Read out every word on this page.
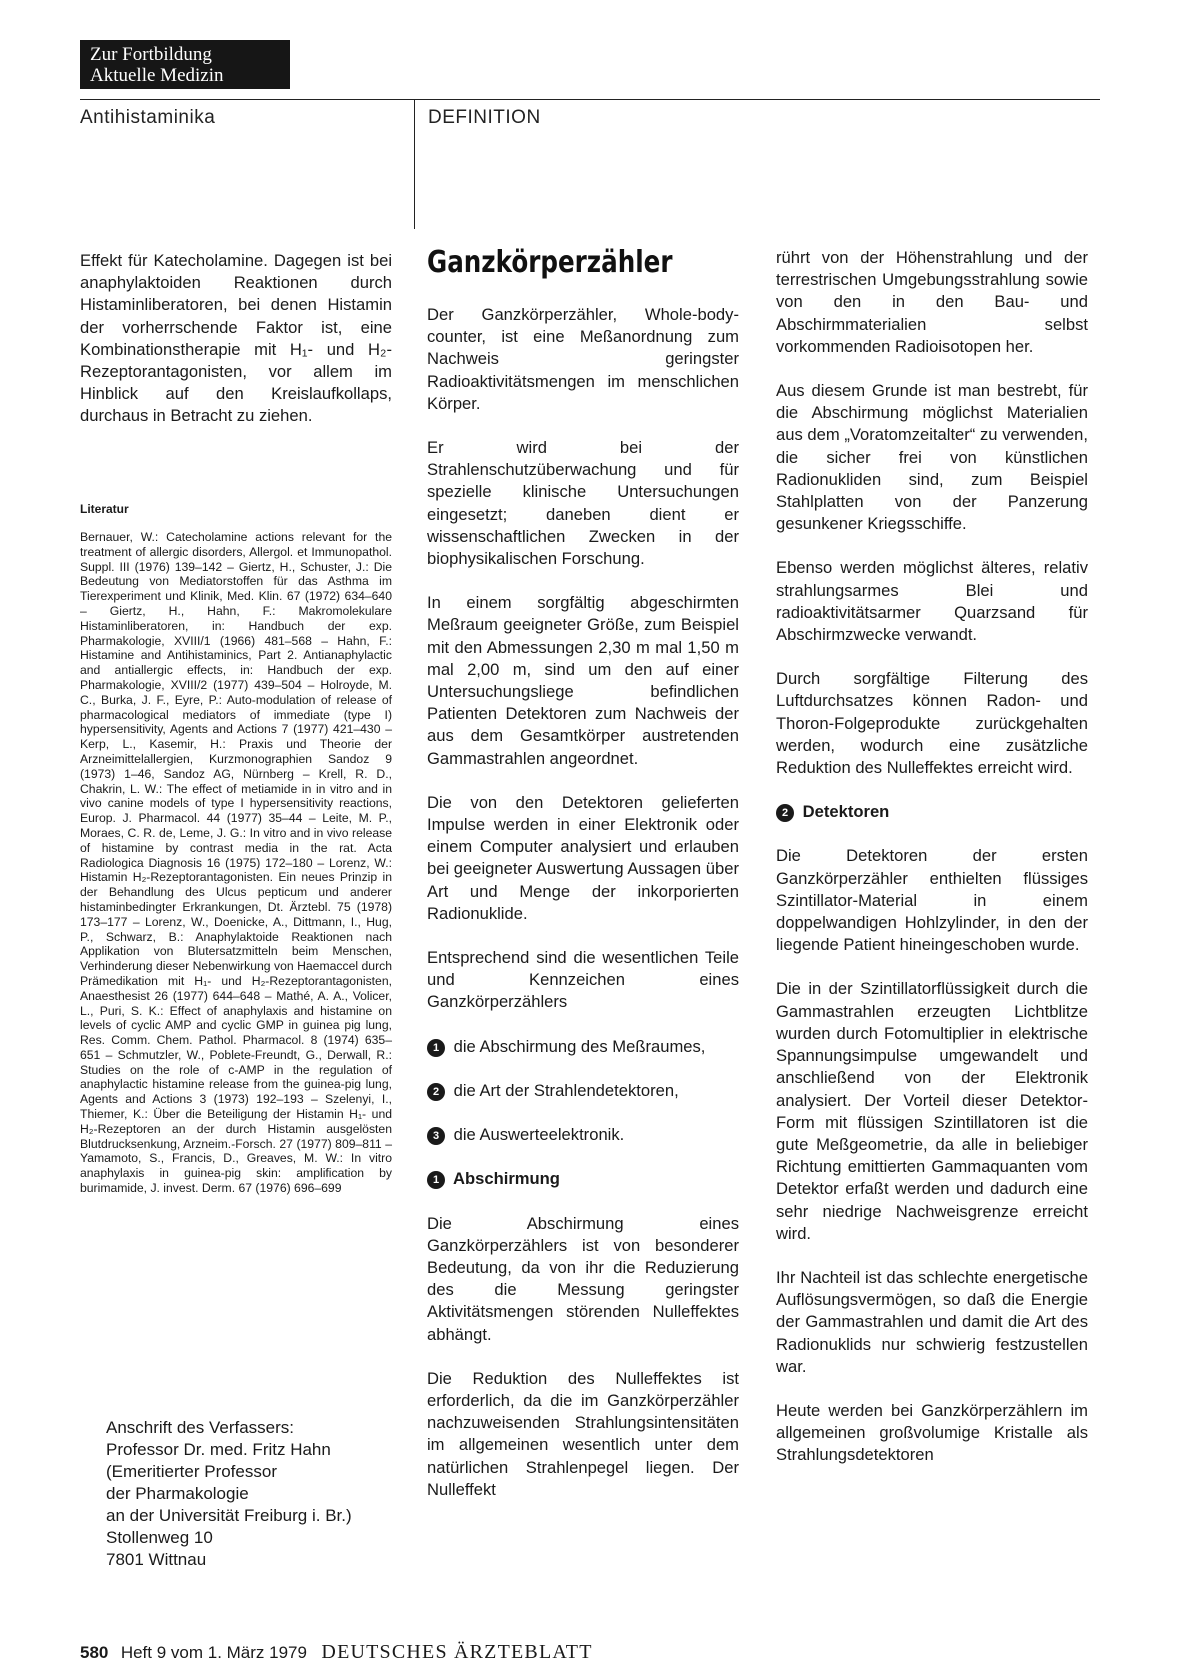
Zur Fortbildung
Aktuelle Medizin
Antihistaminika	DEFINITION

Effekt für Katecholamine. Dagegen ist bei anaphylaktoiden Reaktionen durch Histaminliberatoren, bei denen Histamin der vorherrschende Faktor ist, eine Kombinationstherapie mit H₁- und H₂-Rezeptorantagonisten, vor allem im Hinblick auf den Kreislaufkollaps, durchaus in Betracht zu ziehen.

Literatur
Bernauer, W.: Catecholamine actions relevant for the treatment of allergic disorders, Allergol. et Immunopathol. Suppl. III (1976) 139–142 – Giertz, H., Schuster, J.: Die Bedeutung von Mediatorstoffen für das Asthma im Tierexperiment und Klinik, Med. Klin. 67 (1972) 634–640 – Giertz, H., Hahn, F.: Makromolekulare Histaminliberatoren, in: Handbuch der exp. Pharmakologie, XVIII/1 (1966) 481–568 – Hahn, F.: Histamine and Antihistaminics, Part 2. Antianaphylactic and antiallergic effects, in: Handbuch der exp. Pharmakologie, XVIII/2 (1977) 439–504 – Holroyde, M. C., Burka, J. F., Eyre, P.: Auto-modulation of release of pharmacological mediators of immediate (type I) hypersensitivity, Agents and Actions 7 (1977) 421–430 – Kerp, L., Kasemir, H.: Praxis und Theorie der Arzneimittelallergien, Kurzmonographien Sandoz 9 (1973) 1–46, Sandoz AG, Nürnberg – Krell, R. D., Chakrin, L. W.: The effect of metiamide in in vitro and in vivo canine models of type I hypersensitivity reactions, Europ. J. Pharmacol. 44 (1977) 35–44 – Leite, M. P., Moraes, C. R. de, Leme, J. G.: In vitro and in vivo release of histamine by contrast media in the rat. Acta Radiologica Diagnosis 16 (1975) 172–180 – Lorenz, W.: Histamin H₂-Rezeptorantagonisten. Ein neues Prinzip in der Behandlung des Ulcus pepticum und anderer histaminbedingter Erkrankungen, Dt. Ärztebl. 75 (1978) 173–177 – Lorenz, W., Doenicke, A., Dittmann, I., Hug, P., Schwarz, B.: Anaphylaktoide Reaktionen nach Applikation von Blutersatzmitteln beim Menschen, Verhinderung dieser Nebenwirkung von Haemaccel durch Prämedikation mit H₁- und H₂-Rezeptorantagonisten, Anaesthesist 26 (1977) 644–648 – Mathé, A. A., Volicer, L., Puri, S. K.: Effect of anaphylaxis and histamine on levels of cyclic AMP and cyclic GMP in guinea pig lung, Res. Comm. Chem. Pathol. Pharmacol. 8 (1974) 635–651 – Schmutzler, W., Poblete-Freundt, G., Derwall, R.: Studies on the role of c-AMP in the regulation of anaphylactic histamine release from the guinea-pig lung, Agents and Actions 3 (1973) 192–193 – Szelenyi, I., Thiemer, K.: Über die Beteiligung der Histamin H₁- und H₂-Rezeptoren an der durch Histamin ausgelösten Blutdrucksenkung, Arzneim.-Forsch. 27 (1977) 809–811 – Yamamoto, S., Francis, D., Greaves, M. W.: In vitro anaphylaxis in guinea-pig skin: amplification by burimamide, J. invest. Derm. 67 (1976) 696–699
Anschrift des Verfassers:
Professor Dr. med. Fritz Hahn
(Emeritierter Professor
der Pharmakologie
an der Universität Freiburg i. Br.)
Stollenweg 10
7801 Wittnau
Ganzkörperzähler

Der Ganzkörperzähler, Whole-body-counter, ist eine Meßanordnung zum Nachweis geringster Radioaktivitätsmengen im menschlichen Körper.

Er wird bei der Strahlenschutzüberwachung und für spezielle klinische Untersuchungen eingesetzt; daneben dient er wissenschaftlichen Zwecken in der biophysikalischen Forschung.

In einem sorgfältig abgeschirmten Meßraum geeigneter Größe, zum Beispiel mit den Abmessungen 2,30 m mal 1,50 m mal 2,00 m, sind um den auf einer Untersuchungsliege befindlichen Patienten Detektoren zum Nachweis der aus dem Gesamtkörper austretenden Gammastrahlen angeordnet.

Die von den Detektoren gelieferten Impulse werden in einer Elektronik oder einem Computer analysiert und erlauben bei geeigneter Auswertung Aussagen über Art und Menge der inkorporierten Radionuklide.

Entsprechend sind die wesentlichen Teile und Kennzeichen eines Ganzkörperzählers

1 die Abschirmung des Meßraumes,
2 die Art der Strahlendetektoren,
3 die Auswerteelektronik.
1 Abschirmung

Die Abschirmung eines Ganzkörperzählers ist von besonderer Bedeutung, da von ihr die Reduzierung des die Messung geringster Aktivitätsmengen störenden Nulleffektes abhängt.

Die Reduktion des Nulleffektes ist erforderlich, da die im Ganzkörperzähler nachzuweisenden Strahlungsintensitäten im allgemeinen wesentlich unter dem natürlichen Strahlenpegel liegen. Der Nulleffekt

rührt von der Höhenstrahlung und der terrestrischen Umgebungsstrahlung sowie von den in den Bau- und Abschirmmaterialien selbst vorkommenden Radioisotopen her.

Aus diesem Grunde ist man bestrebt, für die Abschirmung möglichst Materialien aus dem „Voratomzeitalter“ zu verwenden, die sicher frei von künstlichen Radionukliden sind, zum Beispiel Stahlplatten von der Panzerung gesunkener Kriegsschiffe.

Ebenso werden möglichst älteres, relativ strahlungsarmes Blei und radioaktivitätsarmer Quarzsand für Abschirmzwecke verwandt.

Durch sorgfältige Filterung des Luftdurchsatzes können Radon- und Thoron-Folgeprodukte zurückgehalten werden, wodurch eine zusätzliche Reduktion des Nulleffektes erreicht wird.

2 Detektoren

Die Detektoren der ersten Ganzkörperzähler enthielten flüssiges Szintillator-Material in einem doppelwandigen Hohlzylinder, in den der liegende Patient hineingeschoben wurde.

Die in der Szintillatorflüssigkeit durch die Gammastrahlen erzeugten Lichtblitze wurden durch Fotomultiplier in elektrische Spannungsimpulse umgewandelt und anschließend von der Elektronik analysiert. Der Vorteil dieser Detektor-Form mit flüssigen Szintillatoren ist die gute Meßgeometrie, da alle in beliebiger Richtung emittierten Gammaquanten vom Detektor erfaßt werden und dadurch eine sehr niedrige Nachweisgrenze erreicht wird.

Ihr Nachteil ist das schlechte energetische Auflösungsvermögen, so daß die Energie der Gammastrahlen und damit die Art des Radionuklids nur schwierig festzustellen war.

Heute werden bei Ganzkörperzählern im allgemeinen großvolumige Kristalle als Strahlungsdetektoren

580 Heft 9 vom 1. März 1979 DEUTSCHES ÄRZTEBLATT
